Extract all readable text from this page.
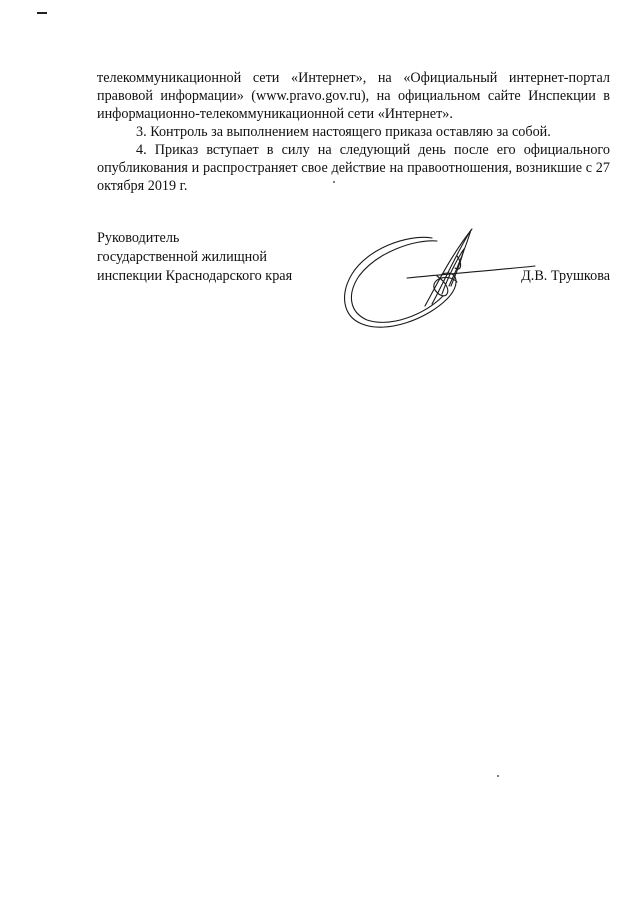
телекоммуникационной сети «Интернет», на «Официальный интернет-портал правовой информации» (www.pravo.gov.ru), на официальном сайте Инспекции в информационно-телекоммуникационной сети «Интернет».

3. Контроль за выполнением настоящего приказа оставляю за собой.

4. Приказ вступает в силу на следующий день после его официального опубликования и распространяет свое действие на правоотношения, возникшие с 27 октября 2019 г.

Руководитель
государственной жилищной
инспекции Краснодарского края	Д.В. Трушкова
